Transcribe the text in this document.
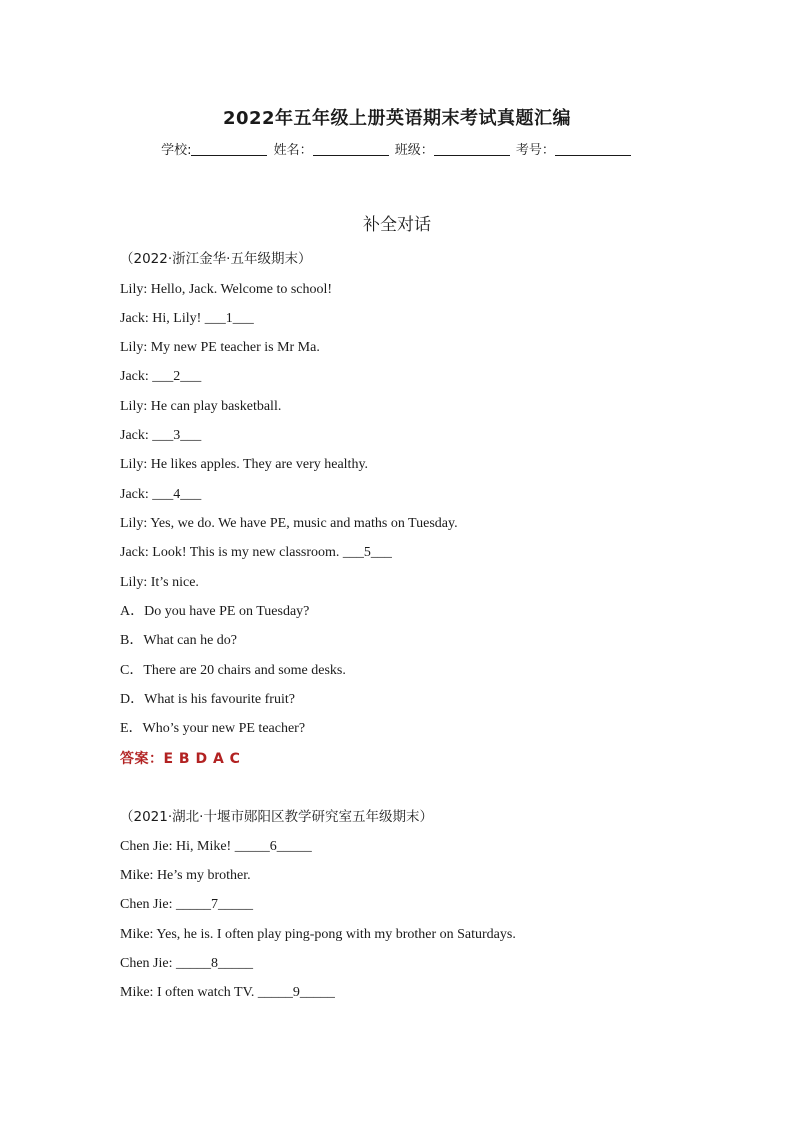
2022年五年级上册英语期末考试真题汇编
学校:	姓名：	班级：	考号：
补全对话
（2022·浙江金华·五年级期末）
Lily: Hello, Jack. Welcome to school!
Jack: Hi, Lily! ___1___
Lily: My new PE teacher is Mr Ma.
Jack: ___2___
Lily: He can play basketball.
Jack: ___3___
Lily: He likes apples. They are very healthy.
Jack: ___4___
Lily: Yes, we do. We have PE, music and maths on Tuesday.
Jack: Look! This is my new classroom. ___5___
Lily: It’s nice.
A．Do you have PE on Tuesday?
B．What can he do?
C．There are 20 chairs and some desks.
D．What is his favourite fruit?
E．Who’s your new PE teacher?
答案：E B D A C
（2021·湖北·十堰市郧阳区教学研究室五年级期末）
Chen Jie: Hi, Mike! _____6_____
Mike: He’s my brother.
Chen Jie: _____7_____
Mike: Yes, he is. I often play ping-pong with my brother on Saturdays.
Chen Jie: _____8_____
Mike: I often watch TV. _____9_____
